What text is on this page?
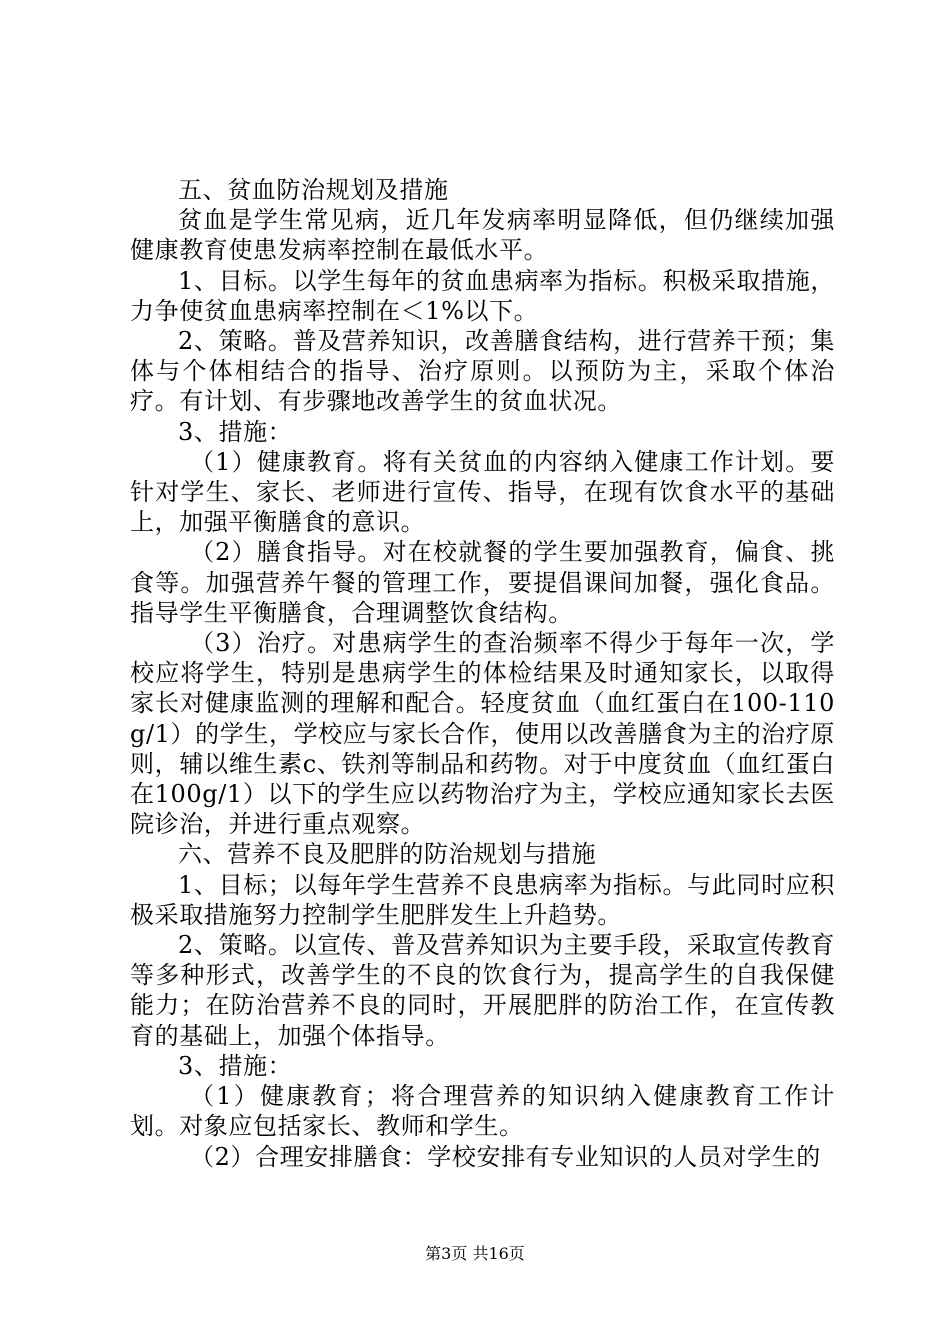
五、贫血防治规划及措施

贫血是学生常见病，近几年发病率明显降低，但仍继续加强健康教育使患发病率控制在最低水平。

1、目标。以学生每年的贫血患病率为指标。积极采取措施，力争使贫血患病率控制在＜1%以下。

2、策略。普及营养知识，改善膳食结构，进行营养干预；集体与个体相结合的指导、治疗原则。以预防为主，采取个体治疗。有计划、有步骤地改善学生的贫血状况。

3、措施：

（1）健康教育。将有关贫血的内容纳入健康工作计划。要针对学生、家长、老师进行宣传、指导，在现有饮食水平的基础上，加强平衡膳食的意识。

（2）膳食指导。对在校就餐的学生要加强教育，偏食、挑食等。加强营养午餐的管理工作，要提倡课间加餐，强化食品。指导学生平衡膳食，合理调整饮食结构。

（3）治疗。对患病学生的查治频率不得少于每年一次，学校应将学生，特别是患病学生的体检结果及时通知家长，以取得家长对健康监测的理解和配合。轻度贫血（血红蛋白在100-110g/1）的学生，学校应与家长合作，使用以改善膳食为主的治疗原则，辅以维生素c、铁剂等制品和药物。对于中度贫血（血红蛋白在100g/1）以下的学生应以药物治疗为主，学校应通知家长去医院诊治，并进行重点观察。

六、营养不良及肥胖的防治规划与措施

1、目标；以每年学生营养不良患病率为指标。与此同时应积极采取措施努力控制学生肥胖发生上升趋势。

2、策略。以宣传、普及营养知识为主要手段，采取宣传教育等多种形式，改善学生的不良的饮食行为，提高学生的自我保健能力；在防治营养不良的同时，开展肥胖的防治工作，在宣传教育的基础上，加强个体指导。

3、措施：

（1）健康教育；将合理营养的知识纳入健康教育工作计划。对象应包括家长、教师和学生。

（2）合理安排膳食：学校安排有专业知识的人员对学生的

第3页 共16页
